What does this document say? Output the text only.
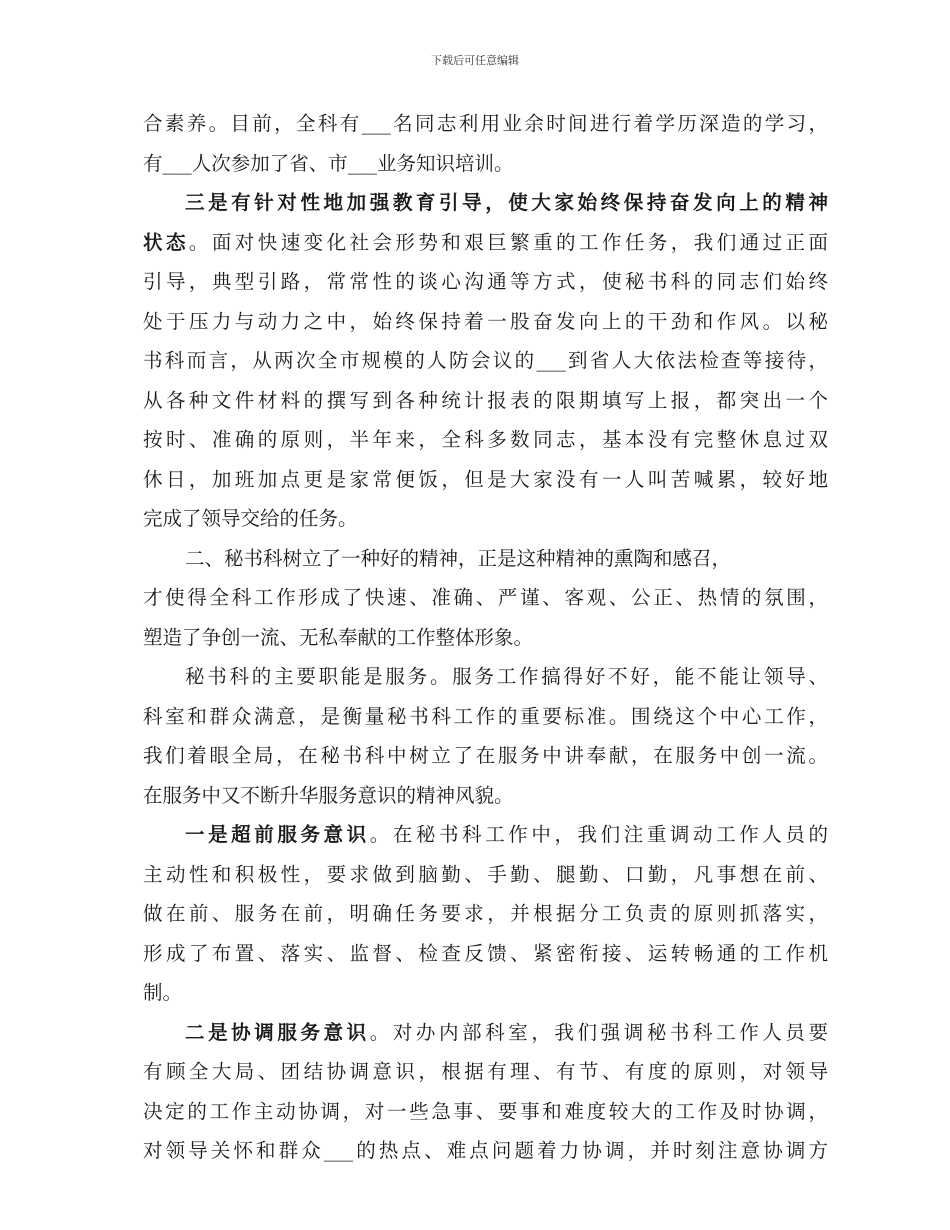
下载后可任意编辑
合素养。目前，全科有___名同志利用业余时间进行着学历深造的学习，
有___人次参加了省、市___业务知识培训。
三是有针对性地加强教育引导，使大家始终保持奋发向上的精神
状态。面对快速变化社会形势和艰巨繁重的工作任务，我们通过正面
引导，典型引路，常常性的谈心沟通等方式，使秘书科的同志们始终
处于压力与动力之中，始终保持着一股奋发向上的干劲和作风。以秘
书科而言，从两次全市规模的人防会议的___到省人大依法检查等接待，
从各种文件材料的撰写到各种统计报表的限期填写上报，都突出一个
按时、准确的原则，半年来，全科多数同志，基本没有完整休息过双
休日，加班加点更是家常便饭，但是大家没有一人叫苦喊累，较好地
完成了领导交给的任务。
二、秘书科树立了一种好的精神，正是这种精神的熏陶和感召，
才使得全科工作形成了快速、准确、严谨、客观、公正、热情的氛围，
塑造了争创一流、无私奉献的工作整体形象。
秘书科的主要职能是服务。服务工作搞得好不好，能不能让领导、
科室和群众满意，是衡量秘书科工作的重要标准。围绕这个中心工作，
我们着眼全局，在秘书科中树立了在服务中讲奉献，在服务中创一流。
在服务中又不断升华服务意识的精神风貌。
一是超前服务意识。在秘书科工作中，我们注重调动工作人员的
主动性和积极性，要求做到脑勤、手勤、腿勤、口勤，凡事想在前、
做在前、服务在前，明确任务要求，并根据分工负责的原则抓落实，
形成了布置、落实、监督、检查反馈、紧密衔接、运转畅通的工作机
制。
二是协调服务意识。对办内部科室，我们强调秘书科工作人员要
有顾全大局、团结协调意识，根据有理、有节、有度的原则，对领导
决定的工作主动协调，对一些急事、要事和难度较大的工作及时协调，
对领导关怀和群众___的热点、难点问题着力协调，并时刻注意协调方
